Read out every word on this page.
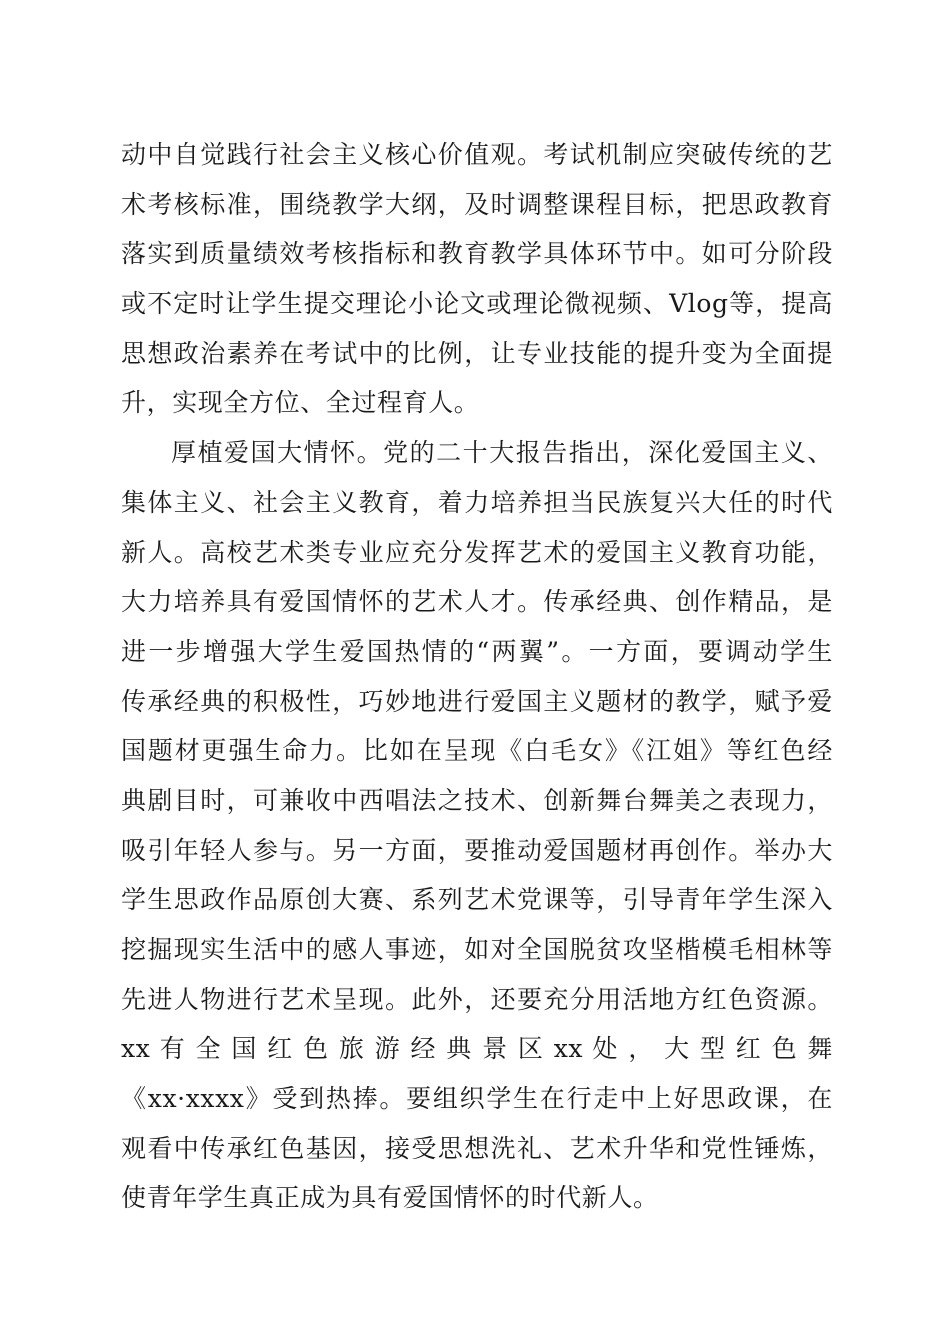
动中自觉践行社会主义核心价值观。考试机制应突破传统的艺
术考核标准，围绕教学大纲，及时调整课程目标，把思政教育
落实到质量绩效考核指标和教育教学具体环节中。如可分阶段
或不定时让学生提交理论小论文或理论微视频、Vlog等，提高
思想政治素养在考试中的比例，让专业技能的提升变为全面提
升，实现全方位、全过程育人。
厚植爱国大情怀。党的二十大报告指出，深化爱国主义、
集体主义、社会主义教育，着力培养担当民族复兴大任的时代
新人。高校艺术类专业应充分发挥艺术的爱国主义教育功能，
大力培养具有爱国情怀的艺术人才。传承经典、创作精品，是
进一步增强大学生爱国热情的“两翼”。一方面，要调动学生
传承经典的积极性，巧妙地进行爱国主义题材的教学，赋予爱
国题材更强生命力。比如在呈现《白毛女》《江姐》等红色经
典剧目时，可兼收中西唱法之技术、创新舞台舞美之表现力，
吸引年轻人参与。另一方面，要推动爱国题材再创作。举办大
学生思政作品原创大赛、系列艺术党课等，引导青年学生深入
挖掘现实生活中的感人事迹，如对全国脱贫攻坚楷模毛相林等
先进人物进行艺术呈现。此外，还要充分用活地方红色资源。
xx 有 全 国 红 色 旅 游 经 典 景 区 xx 处 ， 大 型 红 色 舞
《xx·xxxx》受到热捧。要组织学生在行走中上好思政课，在
观看中传承红色基因，接受思想洗礼、艺术升华和党性锤炼，
使青年学生真正成为具有爱国情怀的时代新人。
